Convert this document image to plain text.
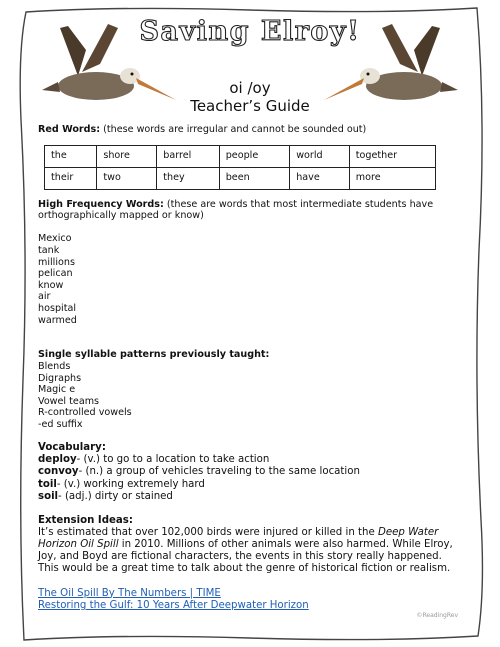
Saving Elroy!
oi /oy
Teacher’s Guide
Red Words: (these words are irregular and cannot be sounded out)
the	shore	barrel	people	world	together
their	two	they	been	have	more
High Frequency Words: (these are words that most intermediate students have orthographically mapped or know)
Mexico
tank
millions
pelican
know
air
hospital
warmed
Single syllable patterns previously taught:
Blends
Digraphs
Magic e
Vowel teams
R-controlled vowels
-ed suffix
Vocabulary:
deploy- (v.) to go to a location to take action
convoy- (n.) a group of vehicles traveling to the same location
toil- (v.) working extremely hard
soil- (adj.) dirty or stained
Extension Ideas:
It’s estimated that over 102,000 birds were injured or killed in the Deep Water Horizon Oil Spill in 2010. Millions of other animals were also harmed. While Elroy, Joy, and Boyd are fictional characters, the events in this story really happened. This would be a great time to talk about the genre of historical fiction or realism.
The Oil Spill By The Numbers | TIME
Restoring the Gulf: 10 Years After Deepwater Horizon
©ReadingRev
